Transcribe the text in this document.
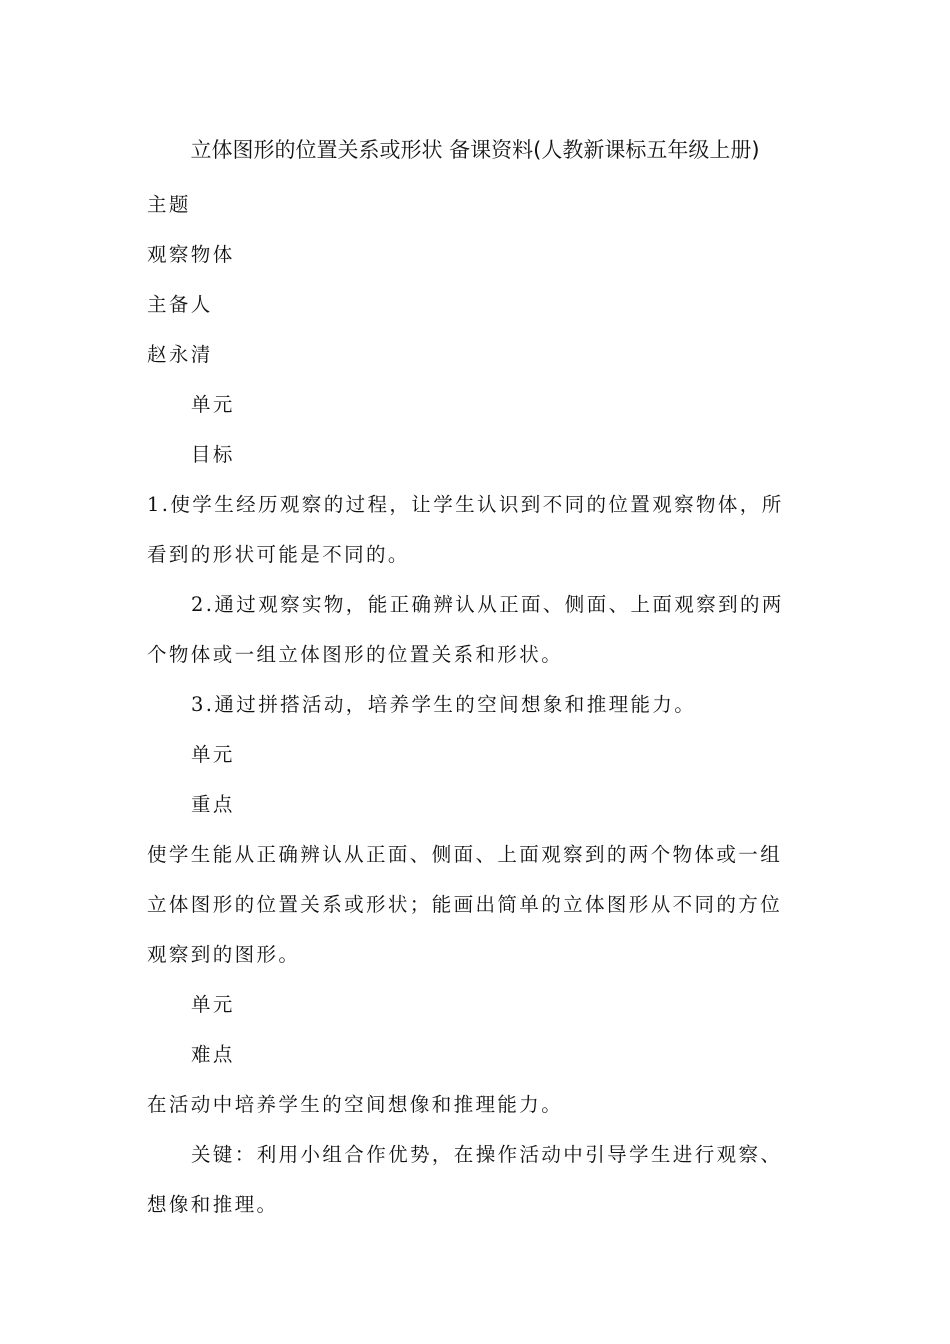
立体图形的位置关系或形状 备课资料(人教新课标五年级上册)
主题
观察物体
主备人
赵永清
单元
目标
1.使学生经历观察的过程，让学生认识到不同的位置观察物体，所
看到的形状可能是不同的。
2.通过观察实物，能正确辨认从正面、侧面、上面观察到的两
个物体或一组立体图形的位置关系和形状。
3.通过拼搭活动，培养学生的空间想象和推理能力。
单元
重点
使学生能从正确辨认从正面、侧面、上面观察到的两个物体或一组
立体图形的位置关系或形状；能画出简单的立体图形从不同的方位
观察到的图形。
单元
难点
在活动中培养学生的空间想像和推理能力。
关键：利用小组合作优势，在操作活动中引导学生进行观察、
想像和推理。
